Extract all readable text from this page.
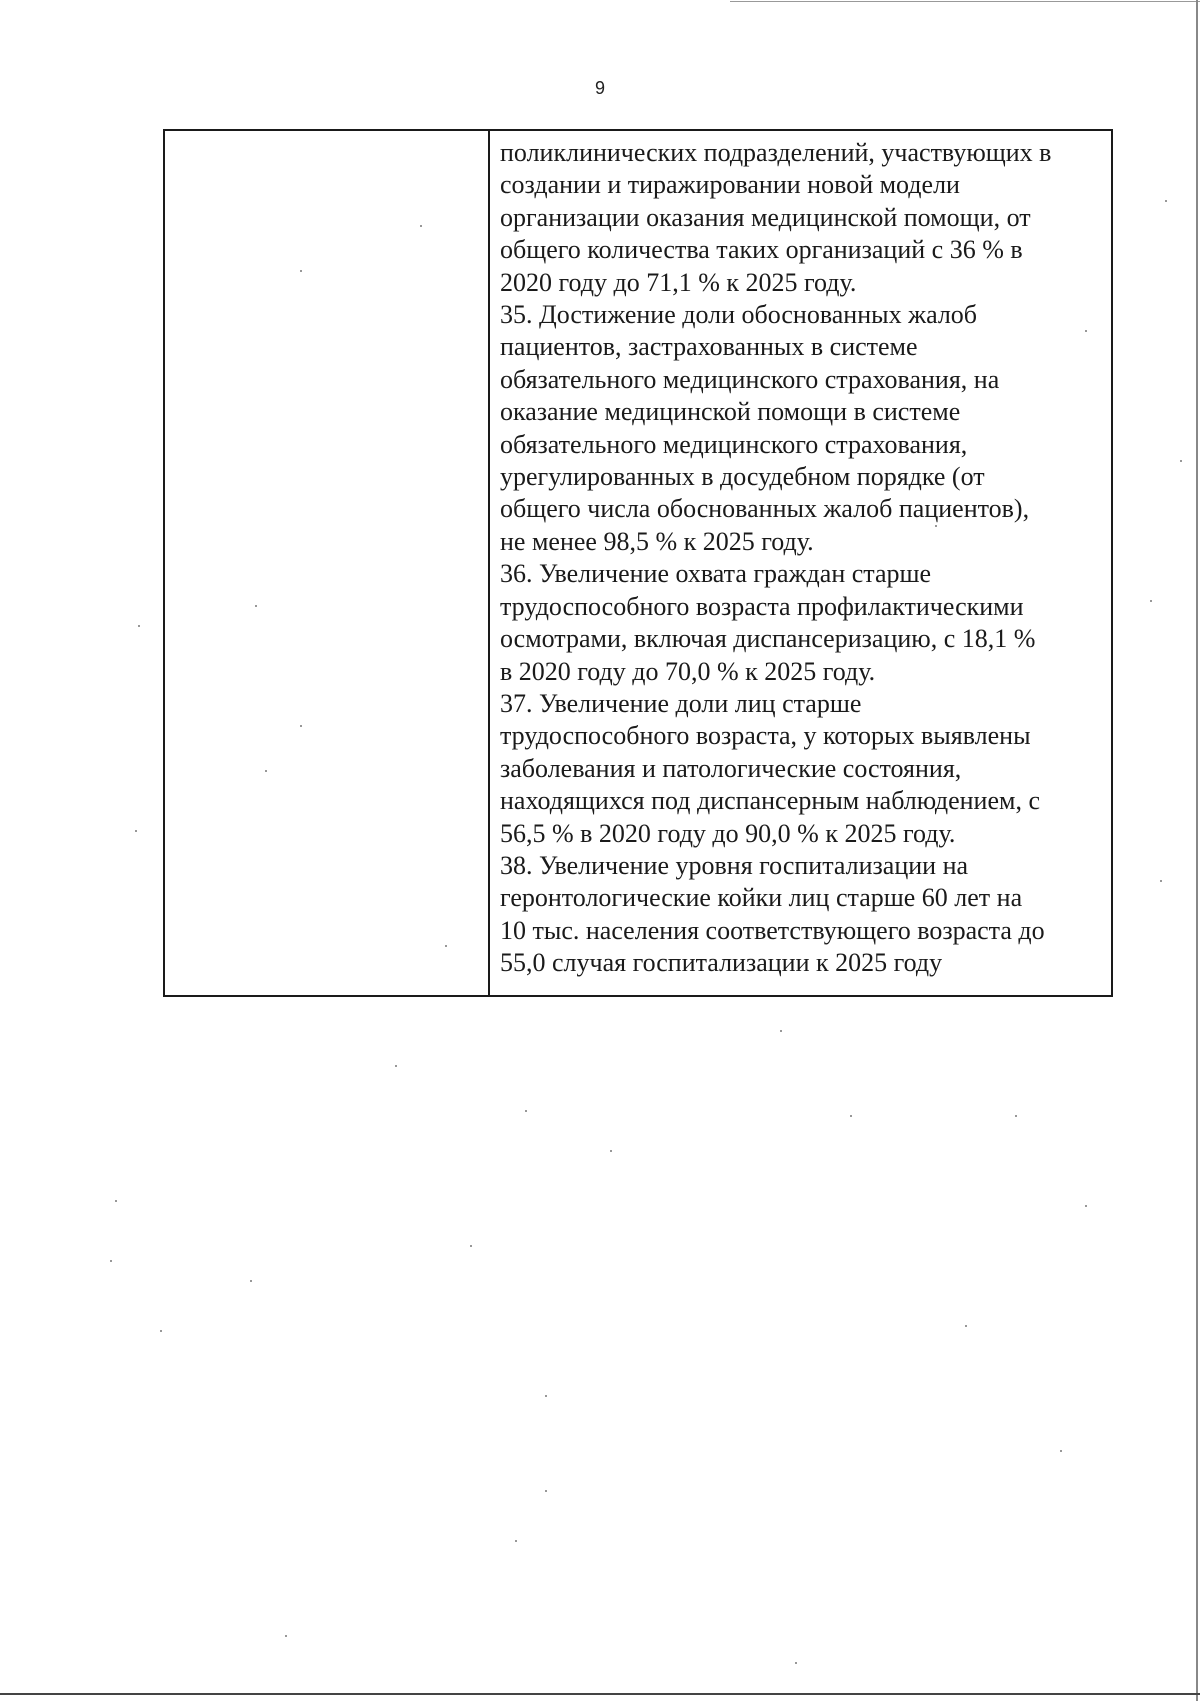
9
поликлинических подразделений, участвующих в
создании и тиражировании новой модели
организации оказания медицинской помощи, от
общего количества таких организаций с 36 % в
2020 году до 71,1 % к 2025 году.
35. Достижение доли обоснованных жалоб
пациентов, застрахованных в системе
обязательного медицинского страхования, на
оказание медицинской помощи в системе
обязательного медицинского страхования,
урегулированных в досудебном порядке (от
общего числа обоснованных жалоб пациентов),
не менее 98,5 % к 2025 году.
36. Увеличение охвата граждан старше
трудоспособного возраста профилактическими
осмотрами, включая диспансеризацию, с 18,1 %
в 2020 году до 70,0 % к 2025 году.
37. Увеличение доли лиц старше
трудоспособного возраста, у которых выявлены
заболевания и патологические состояния,
находящихся под диспансерным наблюдением, с
56,5 % в 2020 году до 90,0 % к 2025 году.
38. Увеличение уровня госпитализации на
геронтологические койки лиц старше 60 лет на
10 тыс. населения соответствующего возраста до
55,0 случая госпитализации к 2025 году
